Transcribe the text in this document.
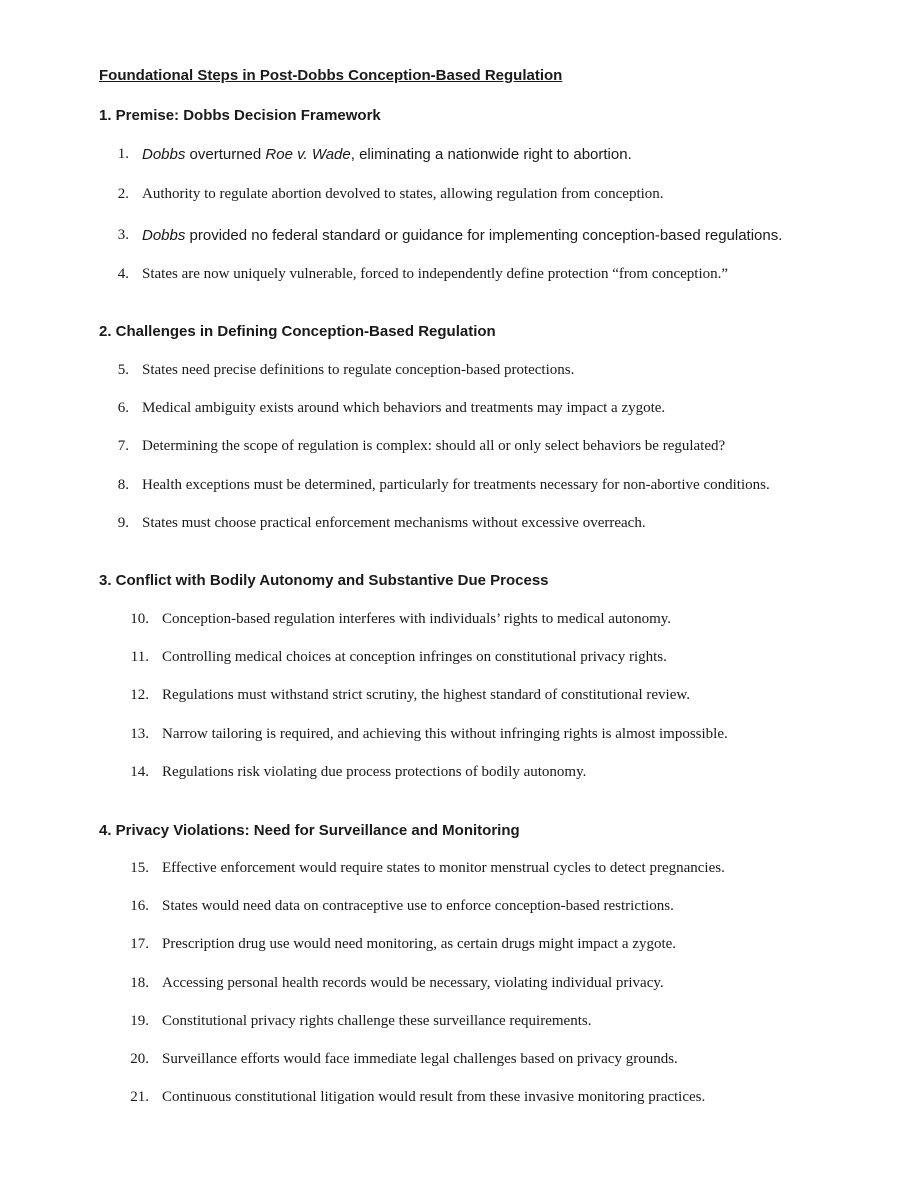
Foundational Steps in Post-Dobbs Conception-Based Regulation
1. Premise: Dobbs Decision Framework
1. Dobbs overturned Roe v. Wade, eliminating a nationwide right to abortion.
2. Authority to regulate abortion devolved to states, allowing regulation from conception.
3. Dobbs provided no federal standard or guidance for implementing conception-based regulations.
4. States are now uniquely vulnerable, forced to independently define protection “from conception.”
2. Challenges in Defining Conception-Based Regulation
5. States need precise definitions to regulate conception-based protections.
6. Medical ambiguity exists around which behaviors and treatments may impact a zygote.
7. Determining the scope of regulation is complex: should all or only select behaviors be regulated?
8. Health exceptions must be determined, particularly for treatments necessary for non-abortive conditions.
9. States must choose practical enforcement mechanisms without excessive overreach.
3. Conflict with Bodily Autonomy and Substantive Due Process
10. Conception-based regulation interferes with individuals’ rights to medical autonomy.
11. Controlling medical choices at conception infringes on constitutional privacy rights.
12. Regulations must withstand strict scrutiny, the highest standard of constitutional review.
13. Narrow tailoring is required, and achieving this without infringing rights is almost impossible.
14. Regulations risk violating due process protections of bodily autonomy.
4. Privacy Violations: Need for Surveillance and Monitoring
15. Effective enforcement would require states to monitor menstrual cycles to detect pregnancies.
16. States would need data on contraceptive use to enforce conception-based restrictions.
17. Prescription drug use would need monitoring, as certain drugs might impact a zygote.
18. Accessing personal health records would be necessary, violating individual privacy.
19. Constitutional privacy rights challenge these surveillance requirements.
20. Surveillance efforts would face immediate legal challenges based on privacy grounds.
21. Continuous constitutional litigation would result from these invasive monitoring practices.
